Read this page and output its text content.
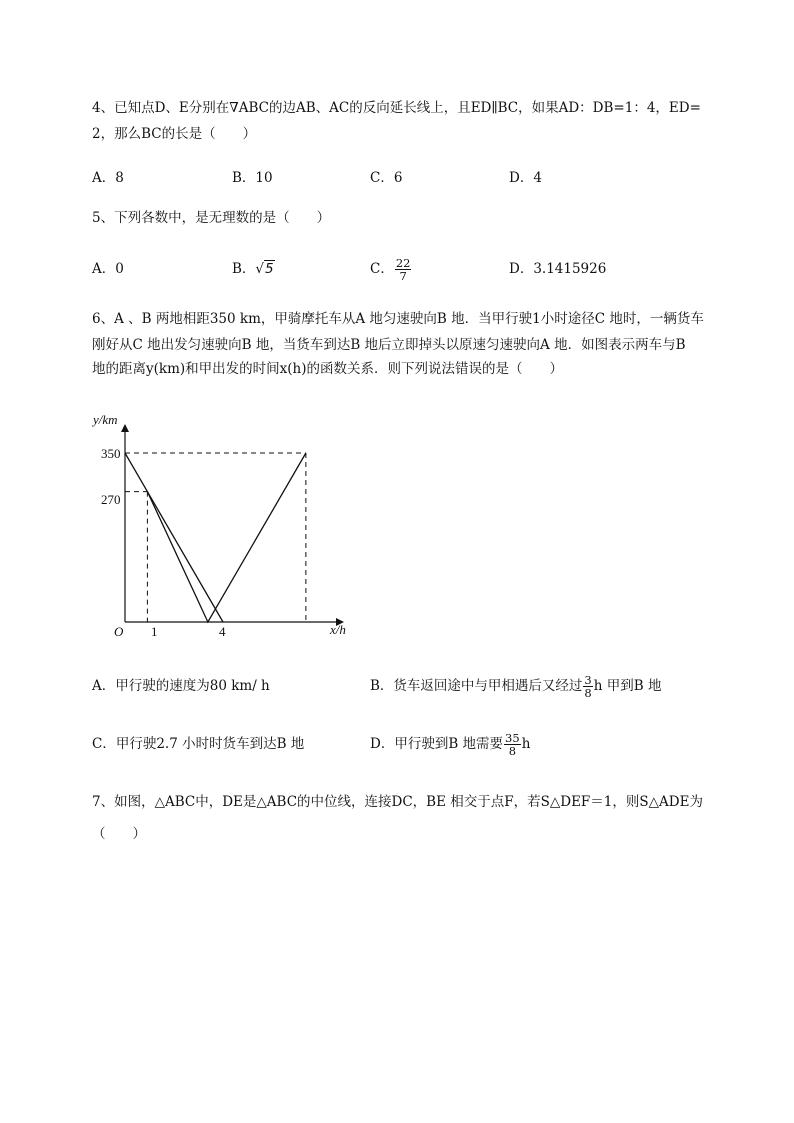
4、已知点D、E分别在∇ABC的边AB、AC的反向延长线上，且ED∥BC，如果AD：DB=1：4，ED=
2，那么BC的长是（　　）
A．8	B．10	C．6	D．4
5、下列各数中，是无理数的是（　　）
A．0	B．√5	C． $\frac{22}{7}$	D．3.1415926
6、A 、B 两地相距350 km，甲骑摩托车从A 地匀速驶向B 地．当甲行驶1小时途径C 地时，一辆货车
刚好从C 地出发匀速驶向B 地，当货车到达B 地后立即掉头以原速匀速驶向A 地．如图表示两车与B
地的距离y(km)和甲出发的时间x(h)的函数关系．则下列说法错误的是（　　）
y/km
x/h
O
350
270
1	4
A．甲行驶的速度为80 km/ h	B．货车返回途中与甲相遇后又经过 $\frac{3}{8}$ h 甲到B 地
C．甲行驶2.7 小时时货车到达B 地	D．甲行驶到B 地需要 $\frac{35}{8}$ h
7、如图，△ABC中，DE是△ABC的中位线，连接DC，BE 相交于点F，若S△DEF＝1，则S△ADE为
（　　）
